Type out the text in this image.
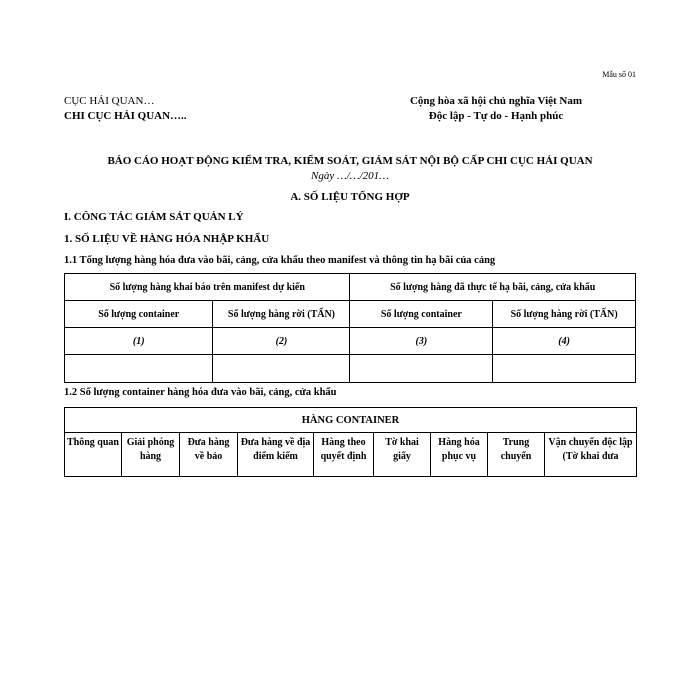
Mẫu số 01
CỤC HẢI QUAN…
CHI CỤC HẢI QUAN…..
Cộng hòa xã hội chủ nghĩa Việt Nam
Độc lập - Tự do - Hạnh phúc
BÁO CÁO HOẠT ĐỘNG KIỂM TRA, KIỂM SOÁT, GIÁM SÁT NỘI BỘ CẤP CHI CỤC HẢI QUAN
Ngày …/…/201…
A. SỐ LIỆU TỔNG HỢP
I. CÔNG TÁC GIÁM SÁT QUẢN LÝ
1. SỐ LIỆU VỀ HÀNG HÓA NHẬP KHẨU
1.1 Tổng lượng hàng hóa đưa vào bãi, cảng, cửa khẩu theo manifest và thông tin hạ bãi của cảng
Số lượng hàng khai báo trên manifest dự kiến		Số lượng hàng đã thực tế hạ bãi, cảng, cửa khẩu	
Số lượng container	Số lượng hàng rời (TẤN)	Số lượng container	Số lượng hàng rời (TẤN)
(1)	(2)	(3)	(4)

1.2 Số lượng container hàng hóa đưa vào bãi, cảng, cửa khẩu
HÀNG CONTAINER
Thông quan	Giải phóng hàng	Đưa hàng về bảo	Đưa hàng về địa điểm kiểm	Hàng theo quyết định	Tờ khai giấy	Hàng hóa phục vụ	Trung chuyển	Vận chuyển độc lập (Tờ khai đưa
